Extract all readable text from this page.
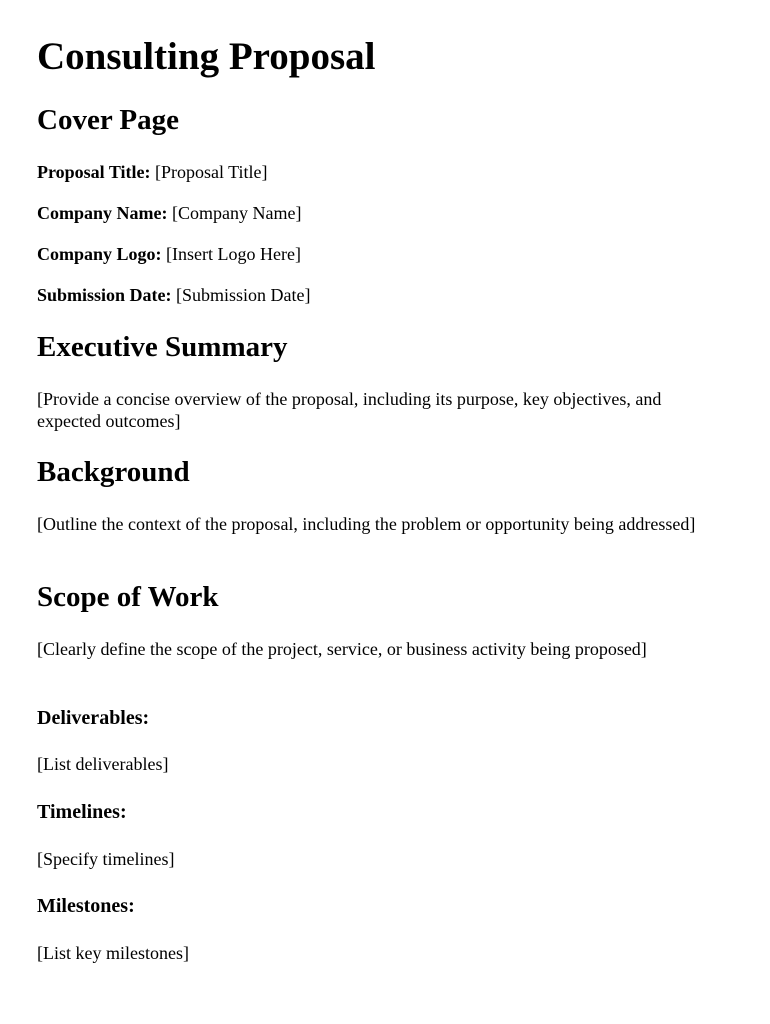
Consulting Proposal
Cover Page
Proposal Title: [Proposal Title]
Company Name: [Company Name]
Company Logo: [Insert Logo Here]
Submission Date: [Submission Date]
Executive Summary
[Provide a concise overview of the proposal, including its purpose, key objectives, and expected outcomes]
Background
[Outline the context of the proposal, including the problem or opportunity being addressed]
Scope of Work
[Clearly define the scope of the project, service, or business activity being proposed]
Deliverables:
[List deliverables]
Timelines:
[Specify timelines]
Milestones:
[List key milestones]
